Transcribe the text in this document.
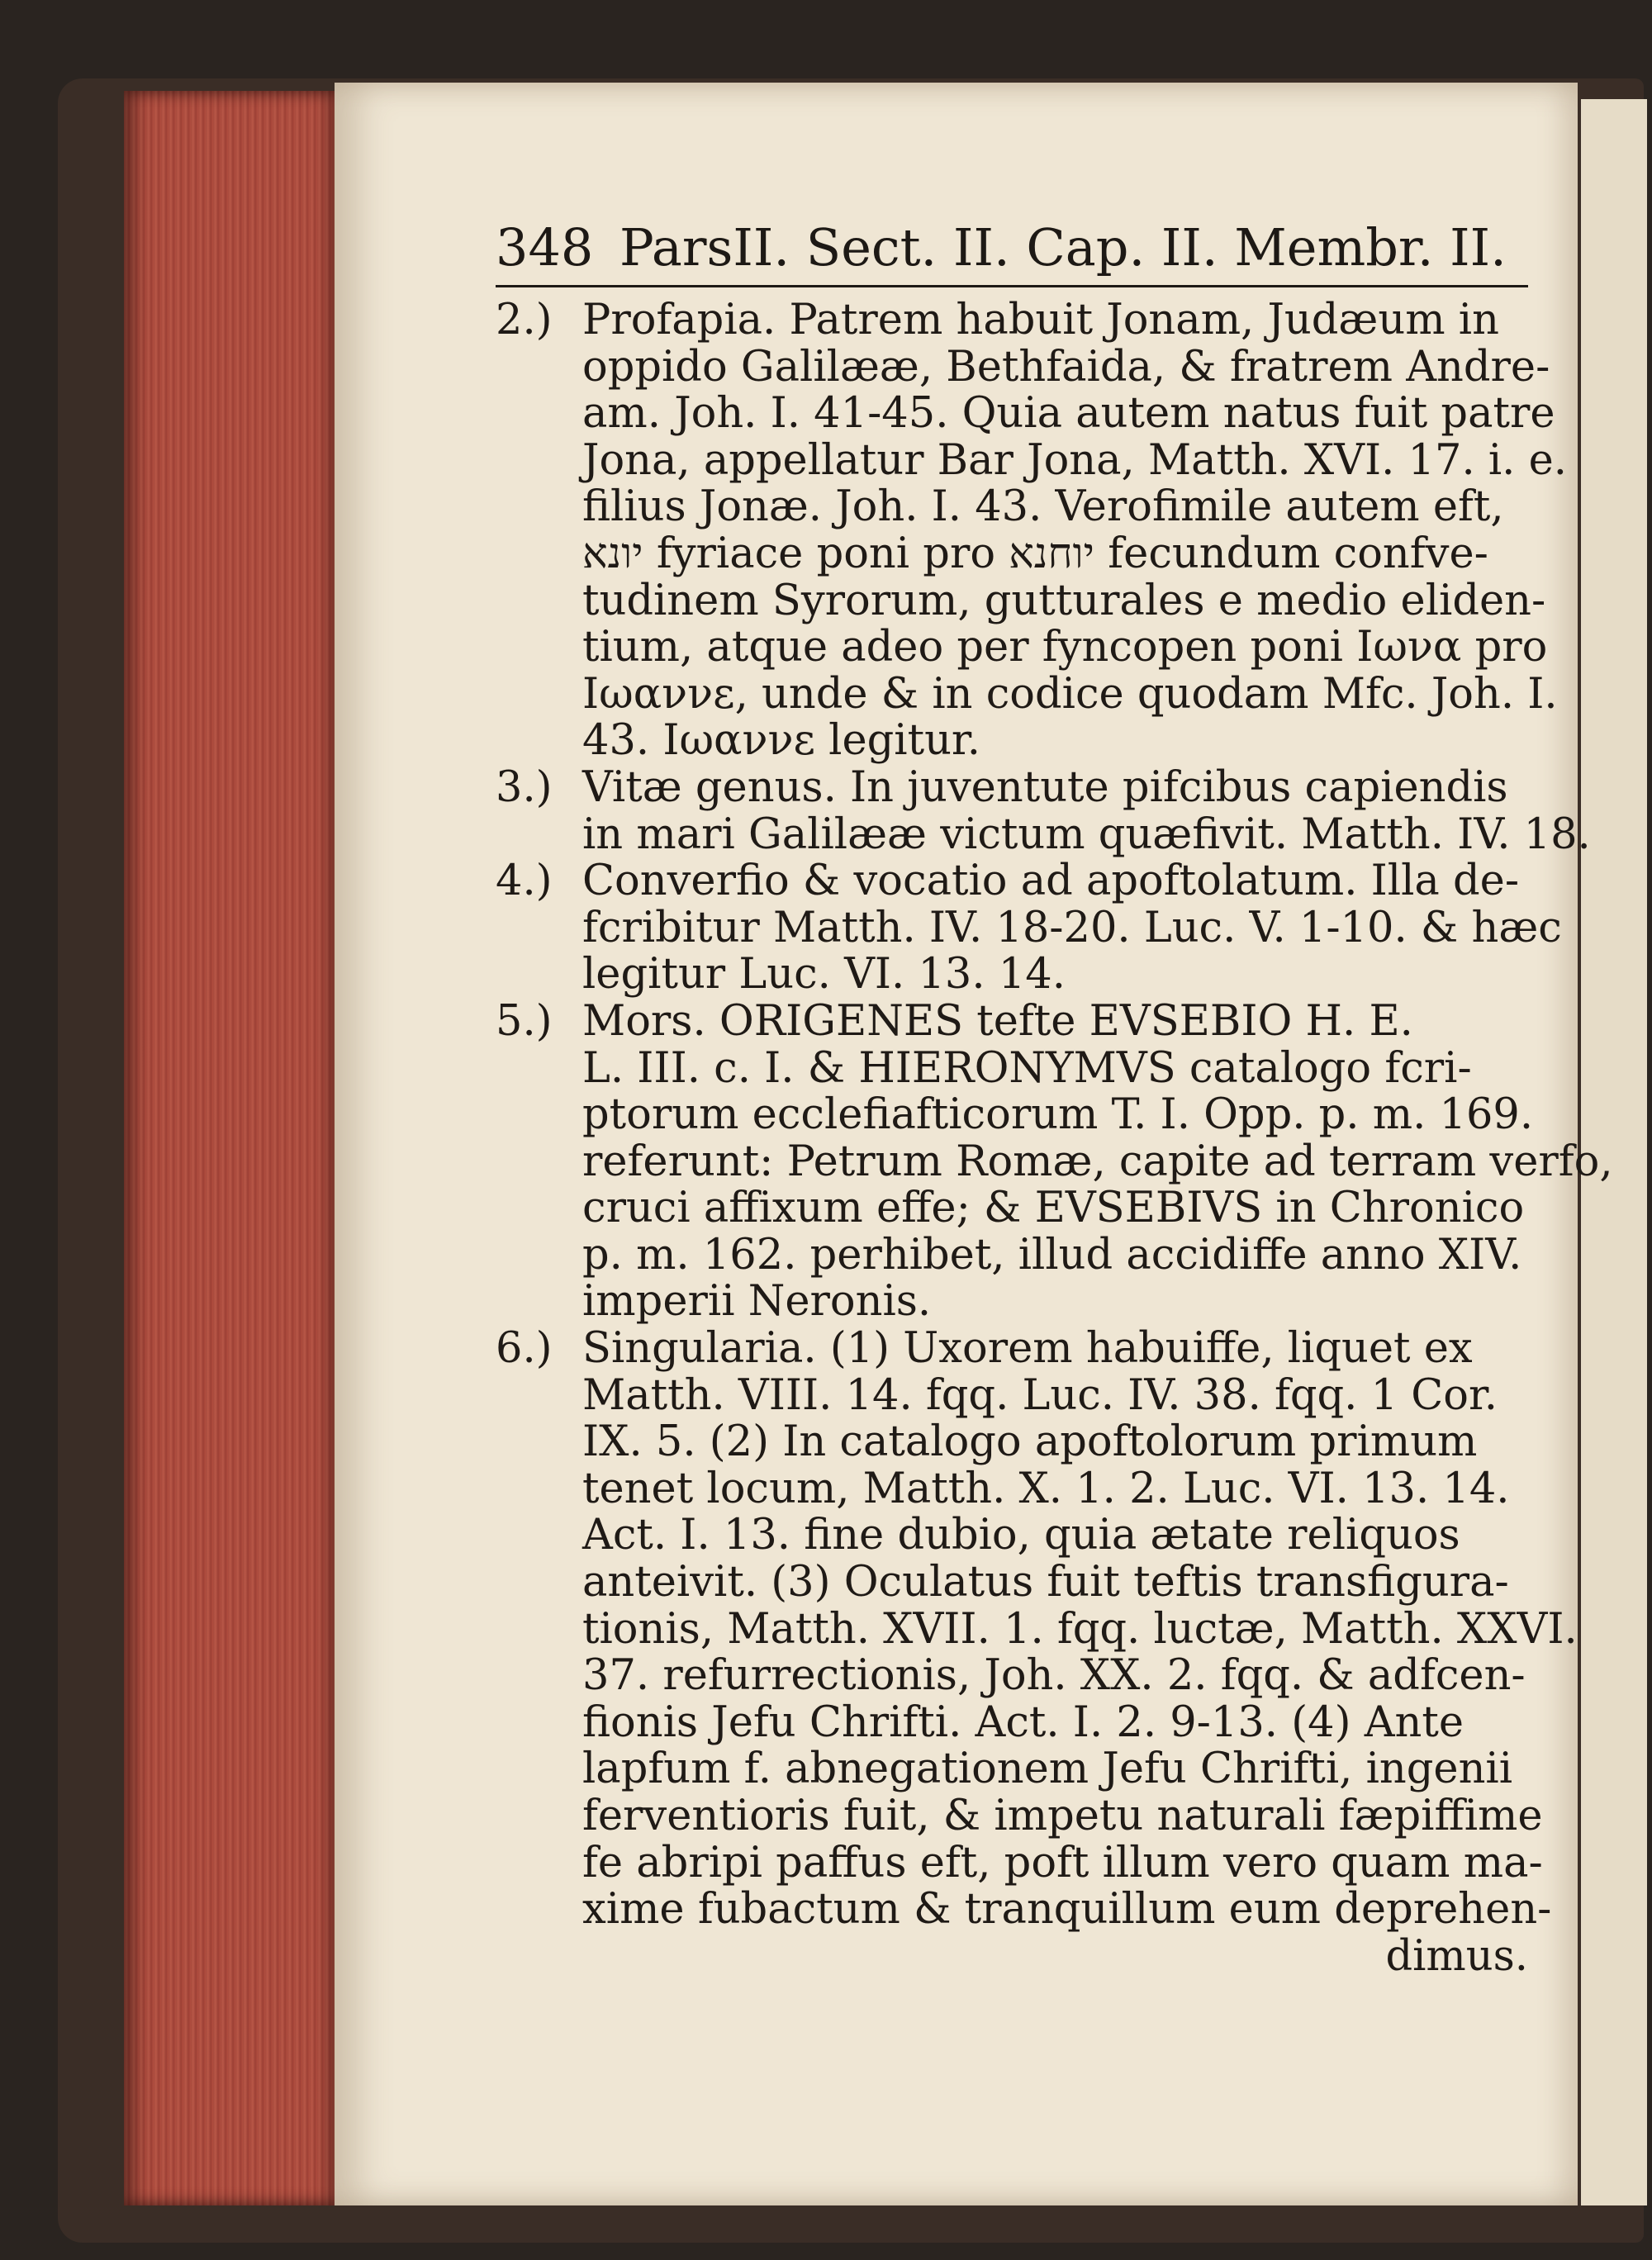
348 ParsII. Sect. II. Cap. II. Membr. II.
2.) Profapia. Patrem habuit Jonam, Judæum in
oppido Galilææ, Bethfaida, & fratrem Andre-
am. Joh. I. 41-45. Quia autem natus fuit patre
Jona, appellatur Bar Jona, Matth. XVI. 17. i. e.
filius Jonæ. Joh. I. 43. Verofimile autem eft,
יונא fyriace poni pro יוחנא fecundum confve-
tudinem Syrorum, gutturales e medio eliden-
tium, atque adeo per fyncopen poni Ιωνα pro
Ιωαννε, unde & in codice quodam Mfc. Joh. I.
43. Ιωαννε legitur.
3.) Vitæ genus. In juventute pifcibus capiendis
in mari Galilææ victum quæfivit. Matth. IV. 18.
4.) Converfio & vocatio ad apoftolatum. Illa de-
fcribitur Matth. IV. 18-20. Luc. V. 1-10. & hæc
legitur Luc. VI. 13. 14.
5.) Mors. ORIGENES tefte EVSEBIO H. E.
L. III. c. I. & HIERONYMVS catalogo fcri-
ptorum ecclefiafticorum T. I. Opp. p. m. 169.
referunt: Petrum Romæ, capite ad terram verfo,
cruci affixum effe; & EVSEBIVS in Chronico
p. m. 162. perhibet, illud accidiffe anno XIV.
imperii Neronis.
6.) Singularia. (1) Uxorem habuiffe, liquet ex
Matth. VIII. 14. fqq. Luc. IV. 38. fqq. 1 Cor.
IX. 5. (2) In catalogo apoftolorum primum
tenet locum, Matth. X. 1. 2. Luc. VI. 13. 14.
Act. I. 13. fine dubio, quia ætate reliquos
anteivit. (3) Oculatus fuit teftis transfigura-
tionis, Matth. XVII. 1. fqq. luctæ, Matth. XXVI.
37. refurrectionis, Joh. XX. 2. fqq. & adfcen-
fionis Jefu Chrifti. Act. I. 2. 9-13. (4) Ante
lapfum f. abnegationem Jefu Chrifti, ingenii
ferventioris fuit, & impetu naturali fæpiffime
fe abripi paffus eft, poft illum vero quam ma-
xime fubactum & tranquillum eum deprehen-
dimus.
